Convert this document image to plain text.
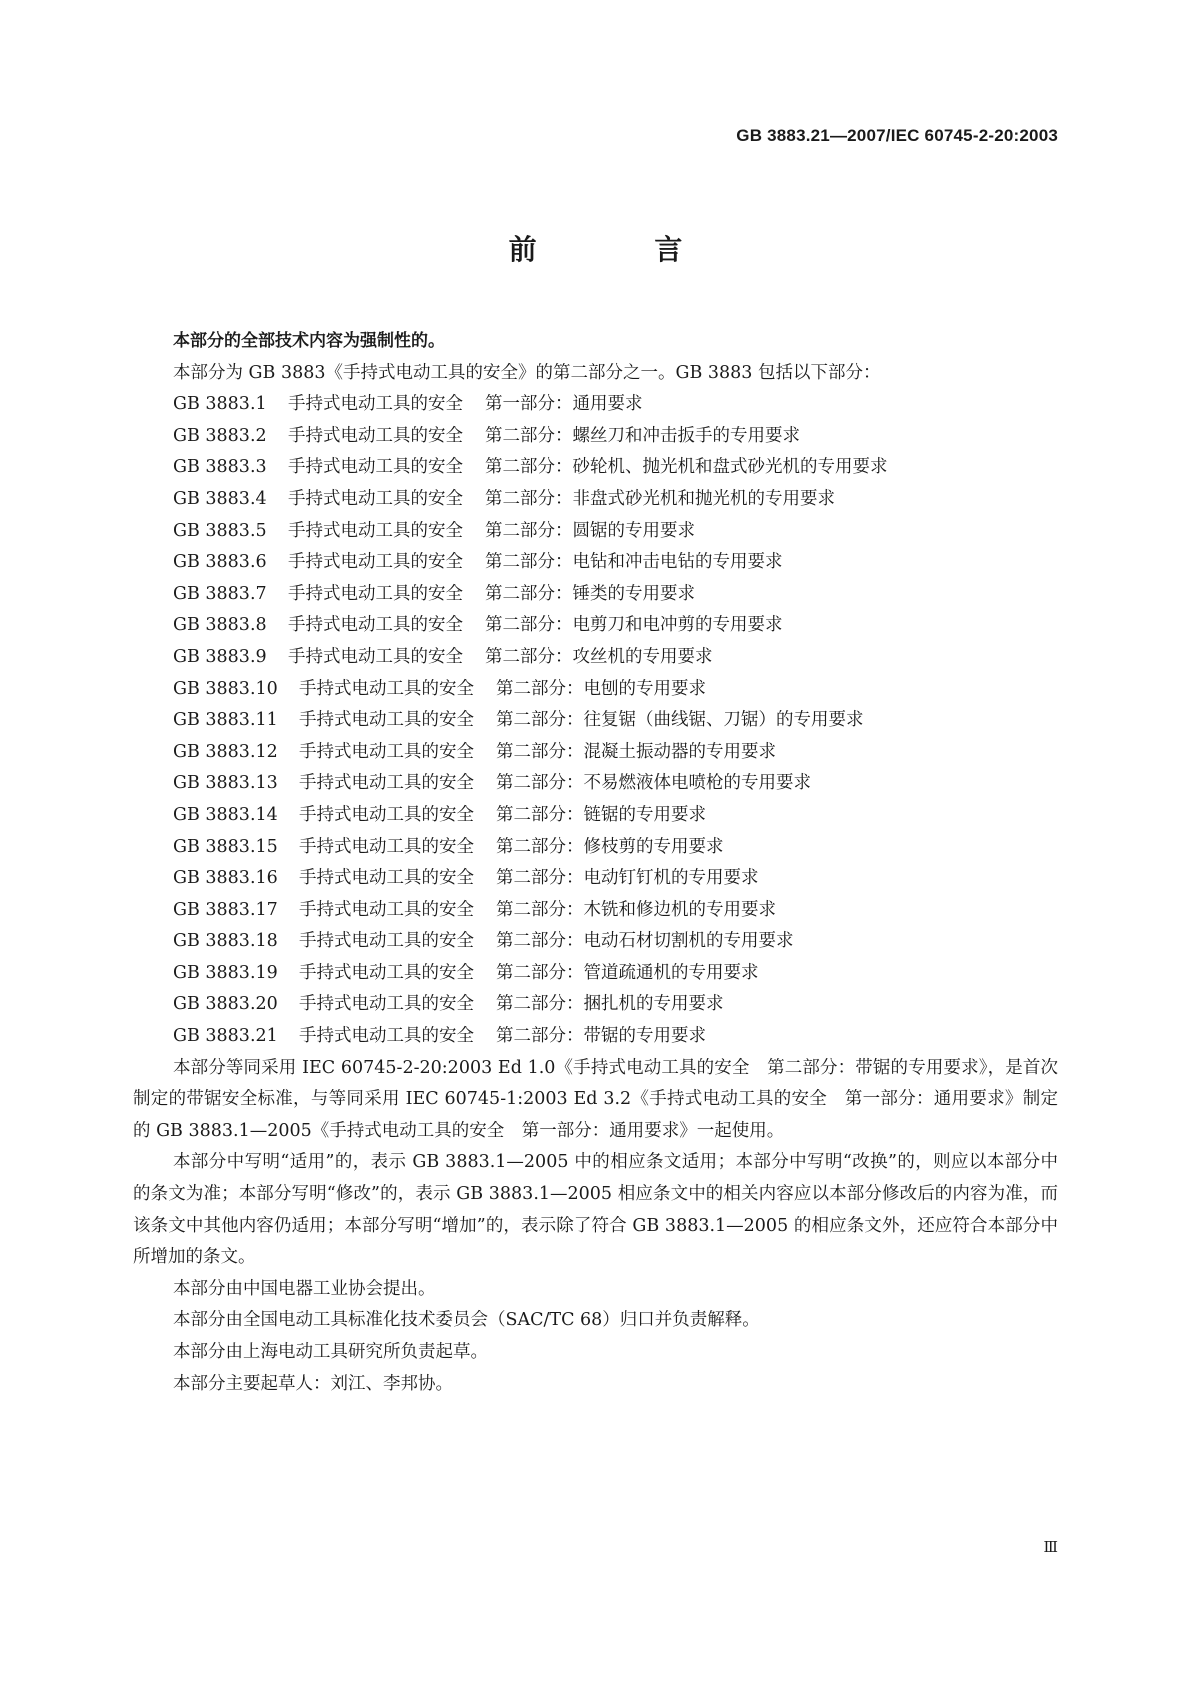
GB 3883.21—2007/IEC 60745-2-20:2003
前 言
本部分的全部技术内容为强制性的。
本部分为 GB 3883《手持式电动工具的安全》的第二部分之一。GB 3883 包括以下部分：
GB 3883.1 手持式电动工具的安全 第一部分：通用要求
GB 3883.2 手持式电动工具的安全 第二部分：螺丝刀和冲击扳手的专用要求
GB 3883.3 手持式电动工具的安全 第二部分：砂轮机、抛光机和盘式砂光机的专用要求
GB 3883.4 手持式电动工具的安全 第二部分：非盘式砂光机和抛光机的专用要求
GB 3883.5 手持式电动工具的安全 第二部分：圆锯的专用要求
GB 3883.6 手持式电动工具的安全 第二部分：电钻和冲击电钻的专用要求
GB 3883.7 手持式电动工具的安全 第二部分：锤类的专用要求
GB 3883.8 手持式电动工具的安全 第二部分：电剪刀和电冲剪的专用要求
GB 3883.9 手持式电动工具的安全 第二部分：攻丝机的专用要求
GB 3883.10 手持式电动工具的安全 第二部分：电刨的专用要求
GB 3883.11 手持式电动工具的安全 第二部分：往复锯（曲线锯、刀锯）的专用要求
GB 3883.12 手持式电动工具的安全 第二部分：混凝土振动器的专用要求
GB 3883.13 手持式电动工具的安全 第二部分：不易燃液体电喷枪的专用要求
GB 3883.14 手持式电动工具的安全 第二部分：链锯的专用要求
GB 3883.15 手持式电动工具的安全 第二部分：修枝剪的专用要求
GB 3883.16 手持式电动工具的安全 第二部分：电动钉钉机的专用要求
GB 3883.17 手持式电动工具的安全 第二部分：木铣和修边机的专用要求
GB 3883.18 手持式电动工具的安全 第二部分：电动石材切割机的专用要求
GB 3883.19 手持式电动工具的安全 第二部分：管道疏通机的专用要求
GB 3883.20 手持式电动工具的安全 第二部分：捆扎机的专用要求
GB 3883.21 手持式电动工具的安全 第二部分：带锯的专用要求
本部分等同采用 IEC 60745-2-20:2003 Ed 1.0《手持式电动工具的安全　第二部分：带锯的专用要求》，是首次制定的带锯安全标准，与等同采用 IEC 60745-1:2003 Ed 3.2《手持式电动工具的安全　第一部分：通用要求》制定的 GB 3883.1—2005《手持式电动工具的安全　第一部分：通用要求》一起使用。
本部分中写明“适用”的，表示 GB 3883.1—2005 中的相应条文适用；本部分中写明“改换”的，则应以本部分中的条文为准；本部分写明“修改”的，表示 GB 3883.1—2005 相应条文中的相关内容应以本部分修改后的内容为准，而该条文中其他内容仍适用；本部分写明“增加”的，表示除了符合 GB 3883.1—2005 的相应条文外，还应符合本部分中所增加的条文。
本部分由中国电器工业协会提出。
本部分由全国电动工具标准化技术委员会（SAC/TC 68）归口并负责解释。
本部分由上海电动工具研究所负责起草。
本部分主要起草人：刘江、李邦协。
Ⅲ
